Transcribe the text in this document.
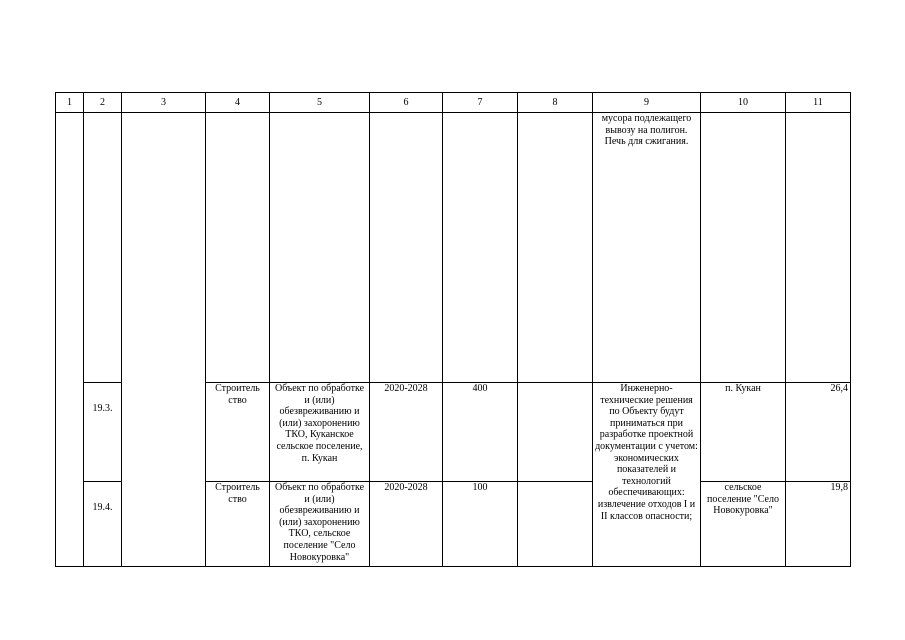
1	2	3	4	5	6	7	8	9	10	11
								мусора подлежащего вывозу на полигон. Печь для сжигания.		

	19.3.		Строитель ство	Объект по обработке и (или) обезвреживанию и (или) захоронению ТКО, Куканское сельское поселение, п. Кукан	2020-2028	400		Инженерно-технические решения по Объекту будут приниматься при разработке проектной документации с учетом: экономических показателей и технологий обеспечивающих: извлечение отходов I и II классов опасности;	п. Кукан	26,4

	19.4.		Строитель ство	Объект по обработке и (или) обезвреживанию и (или) захоронению ТКО, сельское поселение "Село Новокуровка"	2020-2028	100			сельское поселение "Село Новокуровка"	19,8
